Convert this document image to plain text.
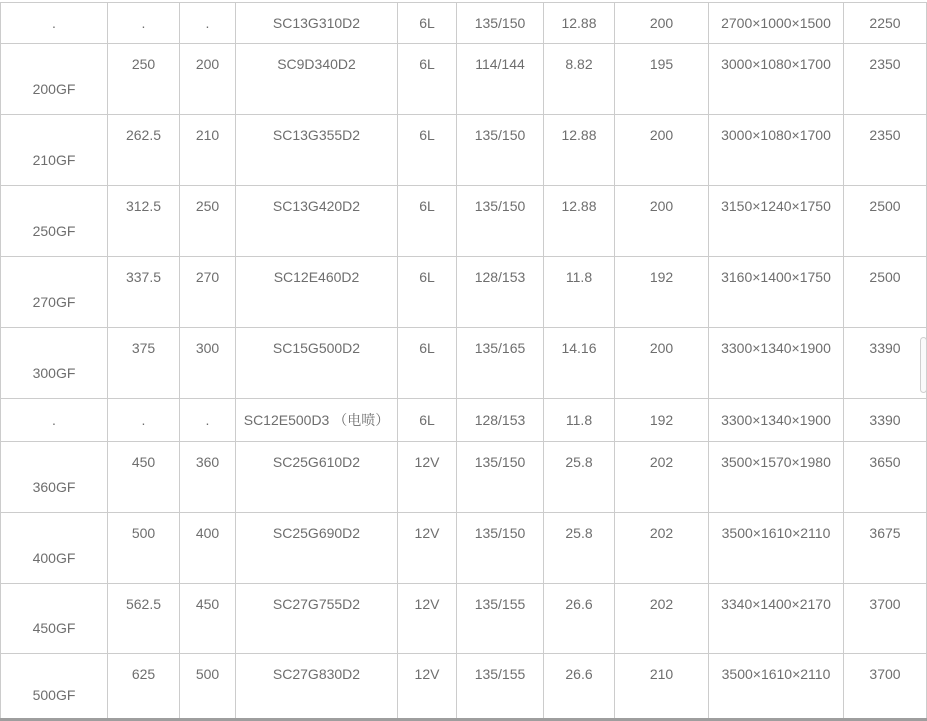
.	.	.	SC13G310D2	6L	135/150	12.88	200	2700×1000×1500	2250
200GF	250	200	SC9D340D2	6L	114/144	8.82	195	3000×1080×1700	2350
210GF	262.5	210	SC13G355D2	6L	135/150	12.88	200	3000×1080×1700	2350
250GF	312.5	250	SC13G420D2	6L	135/150	12.88	200	3150×1240×1750	2500
270GF	337.5	270	SC12E460D2	6L	128/153	11.8	192	3160×1400×1750	2500
300GF	375	300	SC15G500D2	6L	135/165	14.16	200	3300×1340×1900	3390
.	.	.	SC12E500D3 （电喷）	6L	128/153	11.8	192	3300×1340×1900	3390
360GF	450	360	SC25G610D2	12V	135/150	25.8	202	3500×1570×1980	3650
400GF	500	400	SC25G690D2	12V	135/150	25.8	202	3500×1610×2110	3675
450GF	562.5	450	SC27G755D2	12V	135/155	26.6	202	3340×1400×2170	3700
500GF	625	500	SC27G830D2	12V	135/155	26.6	210	3500×1610×2110	3700
